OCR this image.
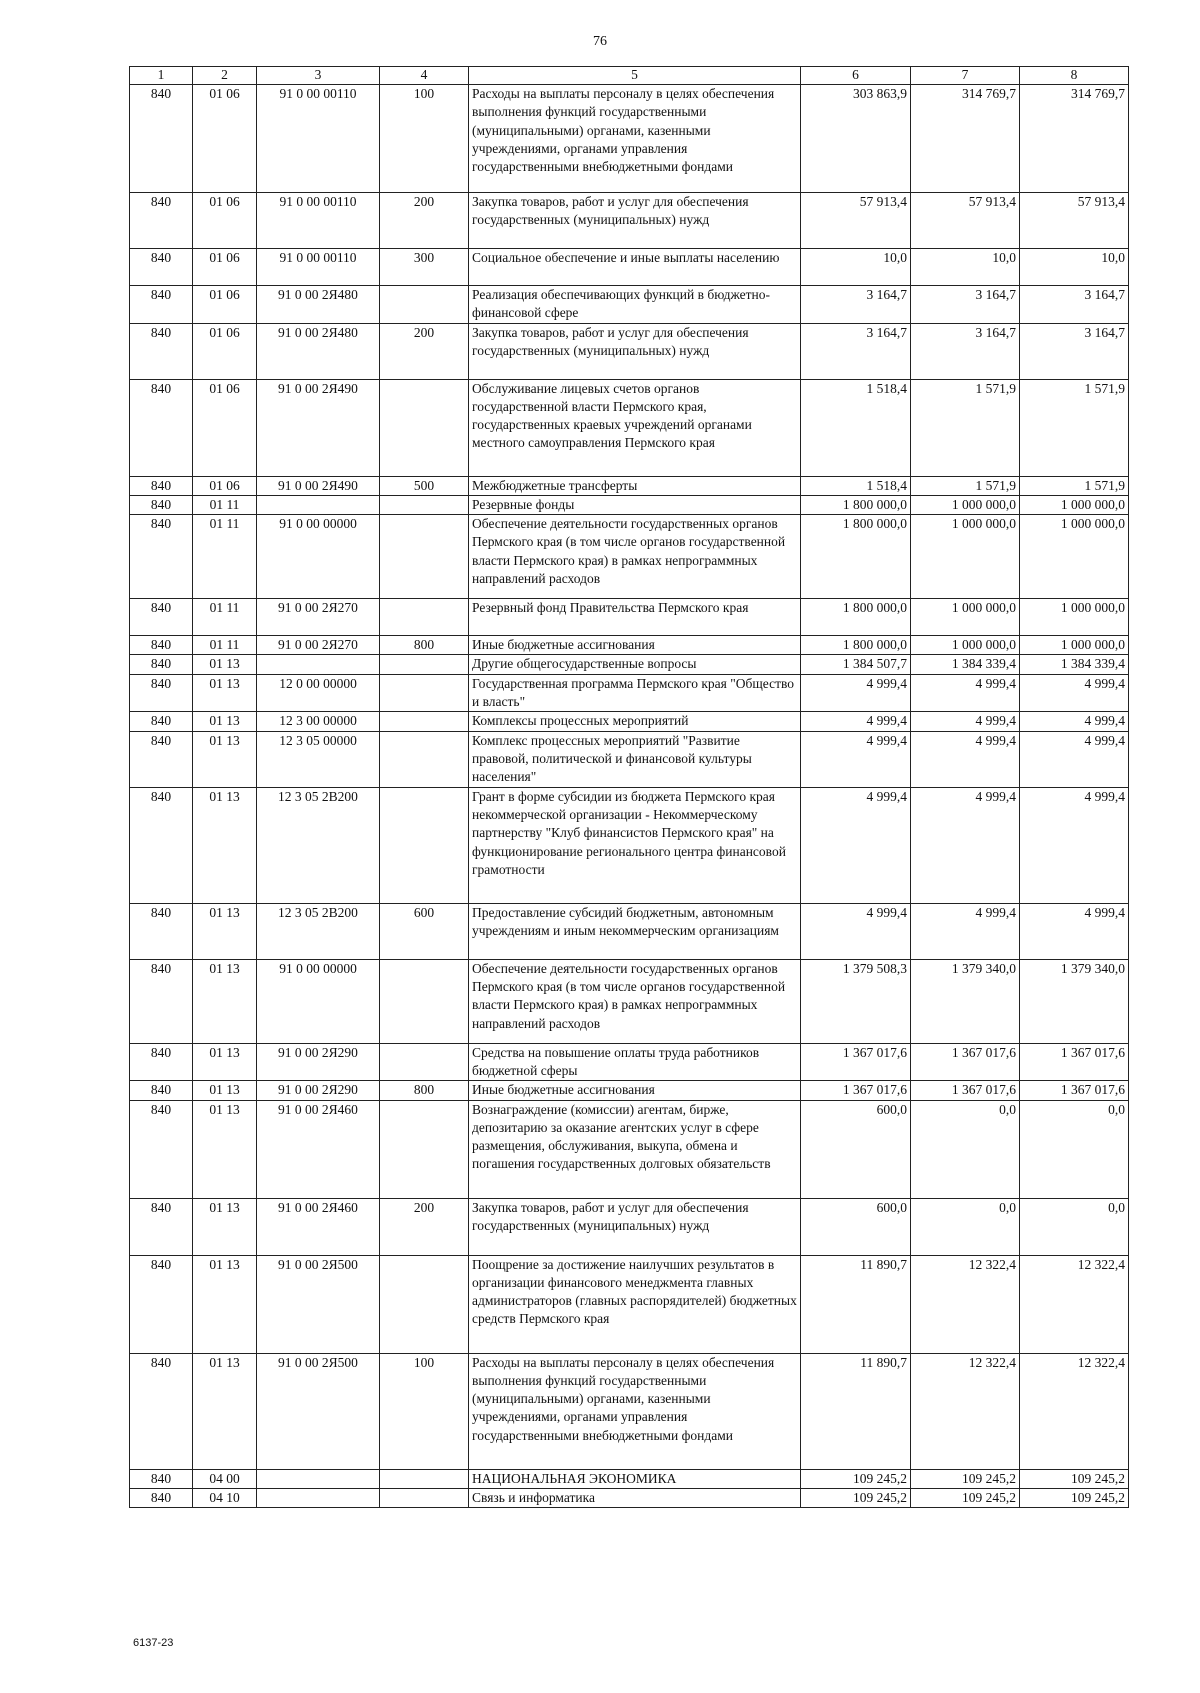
76
1	2	3	4	5	6	7	8
840	01 06	91 0 00 00110	100	Расходы на выплаты персоналу в целях обеспечения выполнения функций государственными (муниципальными) органами, казенными учреждениями, органами управления государственными внебюджетными фондами	303 863,9	314 769,7	314 769,7
840	01 06	91 0 00 00110	200	Закупка товаров, работ и услуг для обеспечения государственных (муниципальных) нужд	57 913,4	57 913,4	57 913,4
840	01 06	91 0 00 00110	300	Социальное обеспечение и иные выплаты населению	10,0	10,0	10,0
840	01 06	91 0 00 2Я480		Реализация обеспечивающих функций в бюджетно-финансовой сфере	3 164,7	3 164,7	3 164,7
840	01 06	91 0 00 2Я480	200	Закупка товаров, работ и услуг для обеспечения государственных (муниципальных) нужд	3 164,7	3 164,7	3 164,7
840	01 06	91 0 00 2Я490		Обслуживание лицевых счетов органов государственной власти Пермского края, государственных краевых учреждений органами местного самоуправления Пермского края	1 518,4	1 571,9	1 571,9
840	01 06	91 0 00 2Я490	500	Межбюджетные трансферты	1 518,4	1 571,9	1 571,9
840	01 11			Резервные фонды	1 800 000,0	1 000 000,0	1 000 000,0
840	01 11	91 0 00 00000		Обеспечение деятельности государственных органов Пермского края (в том числе органов государственной власти Пермского края) в рамках непрограммных направлений расходов	1 800 000,0	1 000 000,0	1 000 000,0
840	01 11	91 0 00 2Я270		Резервный фонд Правительства Пермского края	1 800 000,0	1 000 000,0	1 000 000,0
840	01 11	91 0 00 2Я270	800	Иные бюджетные ассигнования	1 800 000,0	1 000 000,0	1 000 000,0
840	01 13			Другие общегосударственные вопросы	1 384 507,7	1 384 339,4	1 384 339,4
840	01 13	12 0 00 00000		Государственная программа Пермского края "Общество и власть"	4 999,4	4 999,4	4 999,4
840	01 13	12 3 00 00000		Комплексы процессных мероприятий	4 999,4	4 999,4	4 999,4
840	01 13	12 3 05 00000		Комплекс процессных мероприятий "Развитие правовой, политической и финансовой культуры населения"	4 999,4	4 999,4	4 999,4
840	01 13	12 3 05 2В200		Грант в форме субсидии из бюджета Пермского края некоммерческой организации - Некоммерческому партнерству "Клуб финансистов Пермского края" на функционирование регионального центра финансовой грамотности	4 999,4	4 999,4	4 999,4
840	01 13	12 3 05 2В200	600	Предоставление субсидий бюджетным, автономным учреждениям и иным некоммерческим организациям	4 999,4	4 999,4	4 999,4
840	01 13	91 0 00 00000		Обеспечение деятельности государственных органов Пермского края (в том числе органов государственной власти Пермского края) в рамках непрограммных направлений расходов	1 379 508,3	1 379 340,0	1 379 340,0
840	01 13	91 0 00 2Я290		Средства на повышение оплаты труда работников бюджетной сферы	1 367 017,6	1 367 017,6	1 367 017,6
840	01 13	91 0 00 2Я290	800	Иные бюджетные ассигнования	1 367 017,6	1 367 017,6	1 367 017,6
840	01 13	91 0 00 2Я460		Вознаграждение (комиссии) агентам, бирже, депозитарию за оказание агентских услуг в сфере размещения, обслуживания, выкупа, обмена и погашения государственных долговых обязательств	600,0	0,0	0,0
840	01 13	91 0 00 2Я460	200	Закупка товаров, работ и услуг для обеспечения государственных (муниципальных) нужд	600,0	0,0	0,0
840	01 13	91 0 00 2Я500		Поощрение за достижение наилучших результатов в организации финансового менеджмента главных администраторов (главных распорядителей) бюджетных средств Пермского края	11 890,7	12 322,4	12 322,4
840	01 13	91 0 00 2Я500	100	Расходы на выплаты персоналу в целях обеспечения выполнения функций государственными (муниципальными) органами, казенными учреждениями, органами управления государственными внебюджетными фондами	11 890,7	12 322,4	12 322,4
840	04 00			НАЦИОНАЛЬНАЯ ЭКОНОМИКА	109 245,2	109 245,2	109 245,2
840	04 10			Связь и информатика	109 245,2	109 245,2	109 245,2
6137-23
